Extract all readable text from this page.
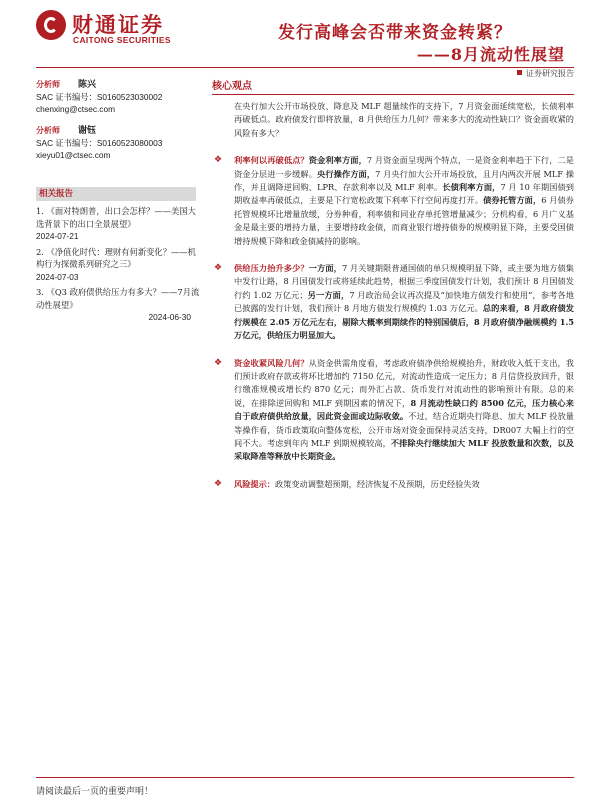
财通证券
CAITONG SECURITIES	发行高峰会否带来资金转紧？
——8月流动性展望
证券研究报告
分析师 陈兴
SAC 证书编号：S0160523030002
chenxing@ctsec.com
分析师 谢钰
SAC 证书编号：S0160523080003
xieyu01@ctsec.com
相关报告
1. 《面对特朗普，出口会怎样？——美国大选背景下的出口全景展望》
2024-07-21
2. 《净值化时代：理财有何新变化？——机构行为探微系列研究之三》
2024-07-03
3. 《Q3 政府债供给压力有多大？——7月流动性展望》
2024-06-30
核心观点

在央行加大公开市场投放、降息及 MLF 超量续作的支持下，7 月资金面延续宽松，长债利率再破低点。政府债发行即将放量，8 月供给压力几何？带来多大的流动性缺口？资金面收紧的风险有多大？

❖ 利率何以再破低点？资金利率方面，7 月资金面呈现两个特点，一是资金利率趋于下行，二是资金分层进一步缓解。央行操作方面，7 月央行加大公开市场投放，且月内两次开展 MLF 操作，并且调降逆回购、LPR、存款利率以及 MLF 利率。长债利率方面，7 月 10 年期国债到期收益率再破低点，主要是下行宽松政策下利率下行空间再度打开。债券托管方面，6 月债券托管规模环比增量放缓，分券种看，利率债和同业存单托管增量减少；分机构看，6 月广义基金是最主要的增持力量，主要增持政金债，而商业银行增持债券的规模明显下降，主要受国债增持规模下降和政金债减持的影响。

❖ 供给压力抬升多少？一方面，7 月关键期限普通国债的单只规模明显下降，或主要为地方债集中发行让路，8 月国债发行或将延续此趋势，根据三季度国债发行计划，我们预计 8 月国债发行约 1.02 万亿元；另一方面，7 月政治局会议再次提及“加快地方债发行和使用”，参考各地已披露的发行计划，我们预计 8 月地方债发行规模约 1.03 万亿元。总的来看，8 月政府债发行规模在 2.05 万亿元左右，剔除大概率到期续作的特别国债后，8 月政府债净融规模约 1.5 万亿元，供给压力明显加大。

❖ 资金收紧风险几何？从资金供需角度看，考虑政府债净供给规模抬升，财政收入低于支出，我们预计政府存款或将环比增加约 7150 亿元，对流动性造成一定压力；8 月信贷投放回升，银行缴准规模或增长约 870 亿元；而外汇占款、货币发行对流动性的影响预计有限。总的来说，在排除逆回购和 MLF 到期因素的情况下，8 月流动性缺口约 8500 亿元，压力核心来自于政府债供给放量，因此资金面或边际收敛。不过，结合近期央行降息、加大 MLF 投放量等操作看，货币政策取向整体宽松，公开市场对资金面保持灵活支持，DR007 大幅上行的空间不大。考虑到年内 MLF 到期规模较高，不排除央行继续加大 MLF 投放数量和次数，以及采取降准等释放中长期资金。

❖ 风险提示：政策变动调整超预期，经济恢复不及预期，历史经验失效

请阅读最后一页的重要声明！
